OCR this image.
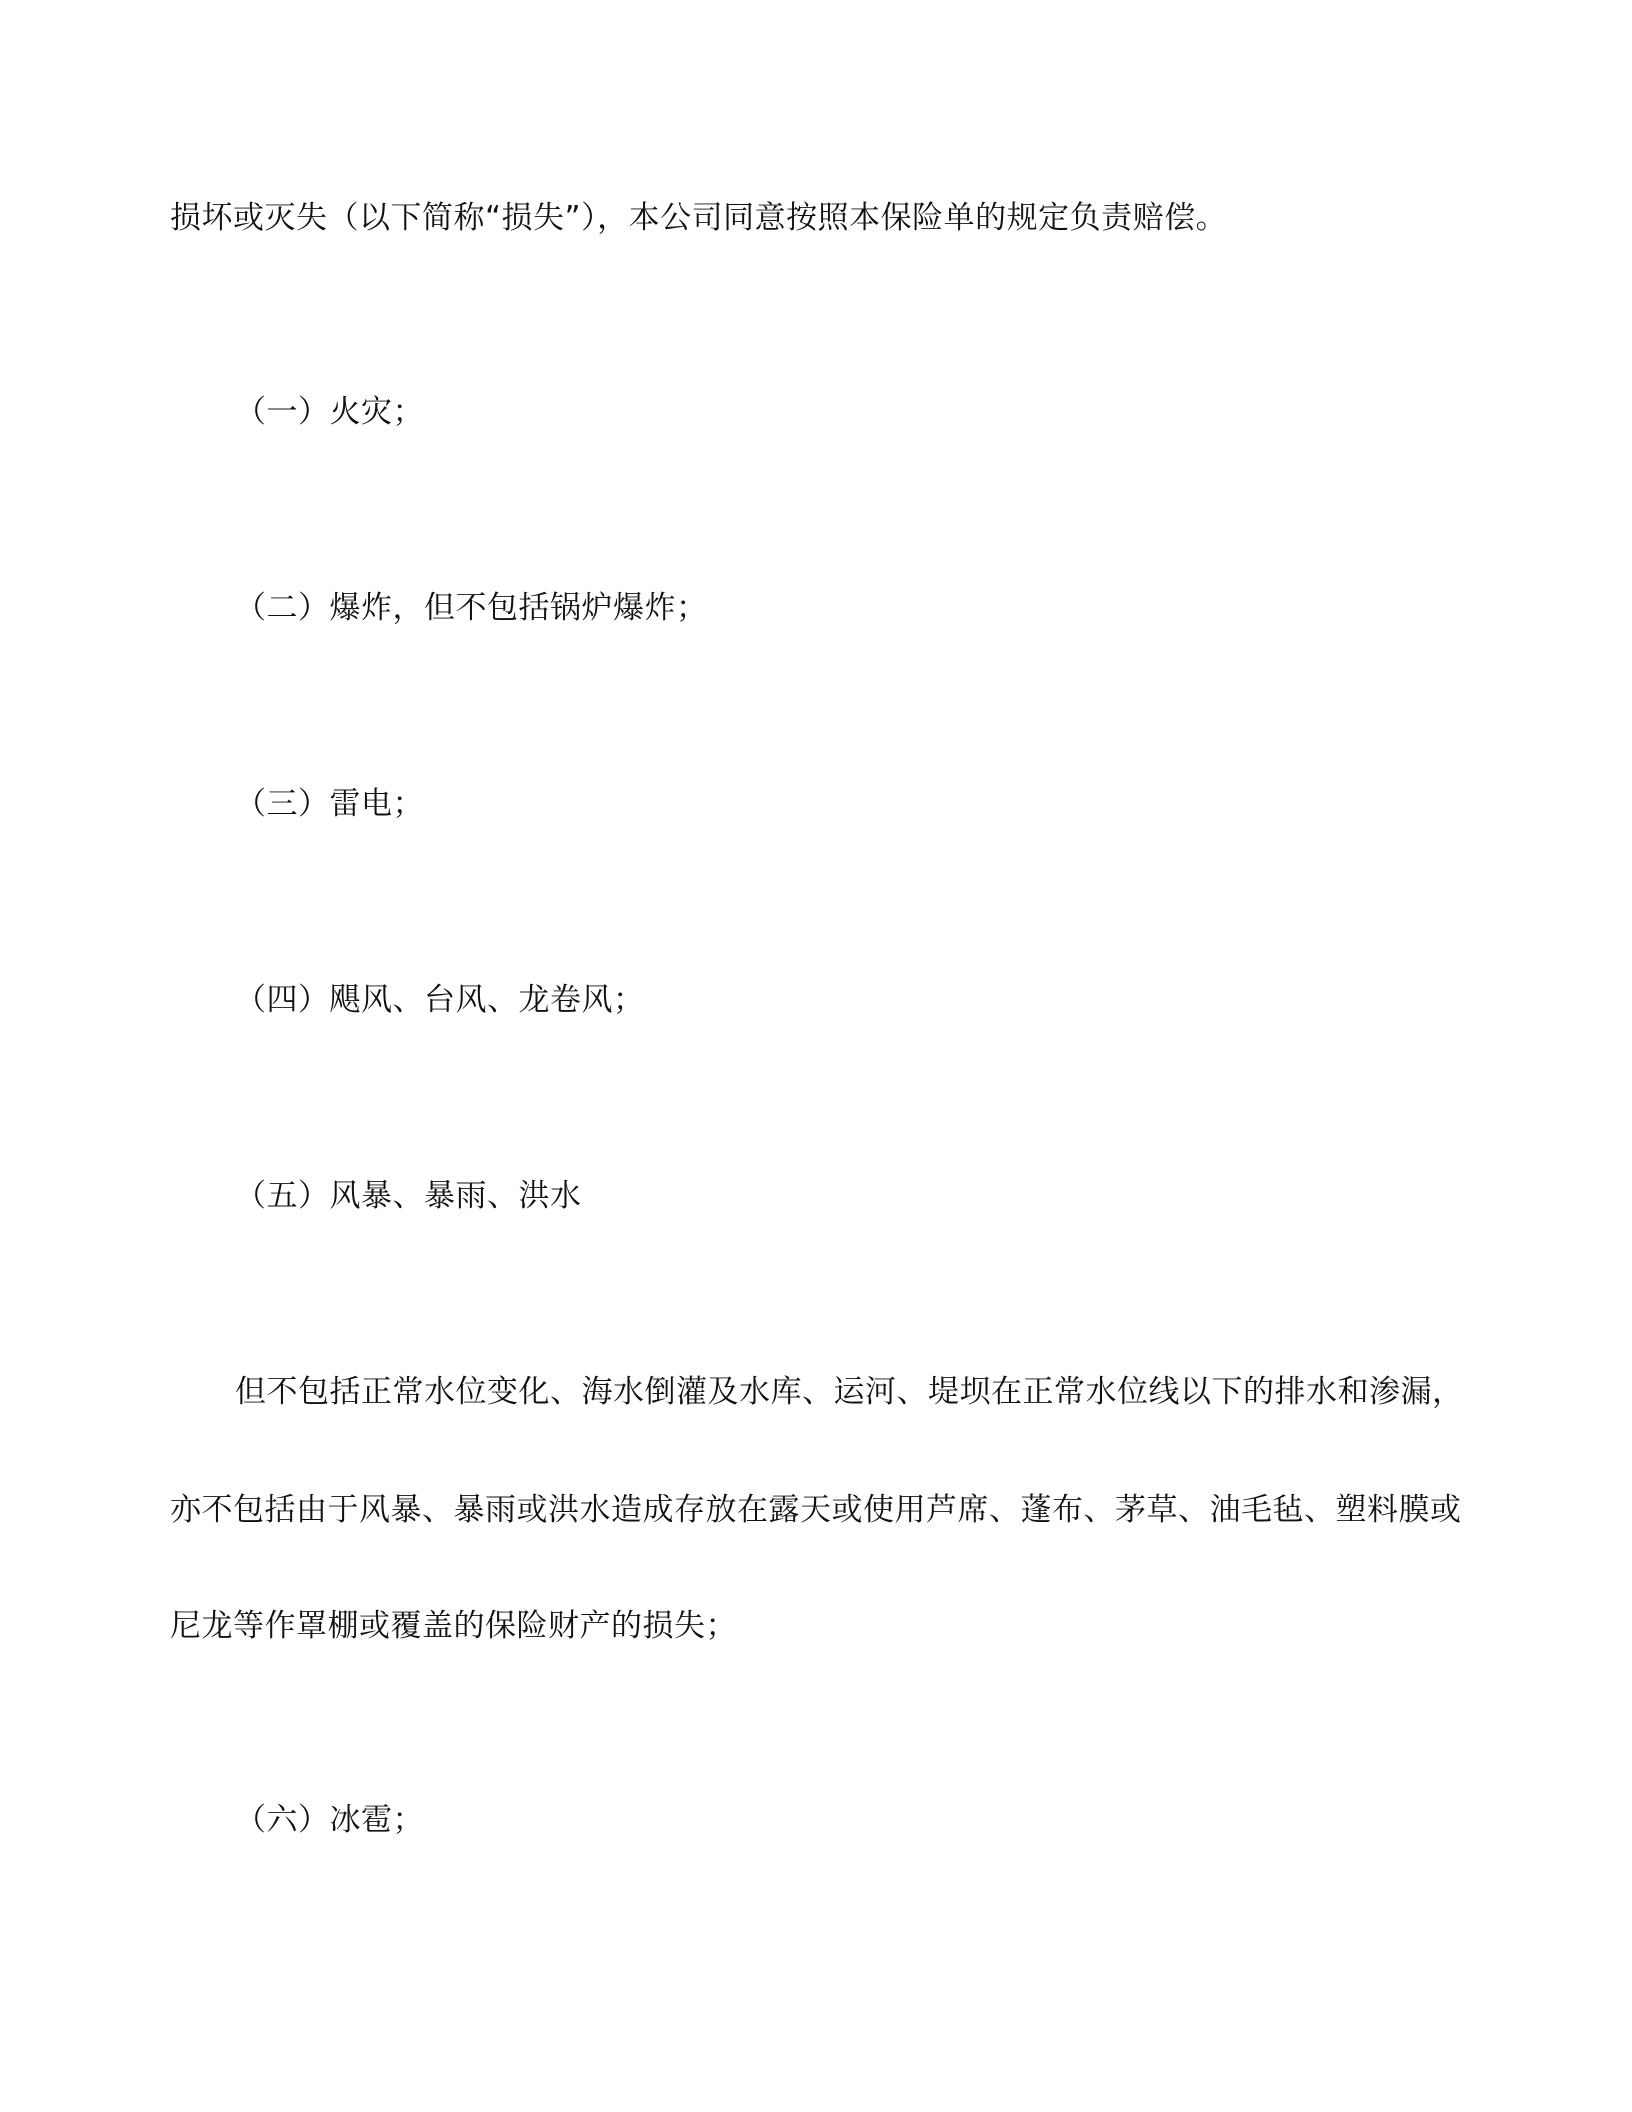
损坏或灭失（以下简称“损失”），本公司同意按照本保险单的规定负责赔偿。
（一）火灾；
（二）爆炸，但不包括锅炉爆炸；
（三）雷电；
（四）飓风、台风、龙卷风；
（五）风暴、暴雨、洪水
但不包括正常水位变化、海水倒灌及水库、运河、堤坝在正常水位线以下的排水和渗漏，
亦不包括由于风暴、暴雨或洪水造成存放在露天或使用芦席、蓬布、茅草、油毛毡、塑料膜或
尼龙等作罩棚或覆盖的保险财产的损失；
（六）冰雹；
